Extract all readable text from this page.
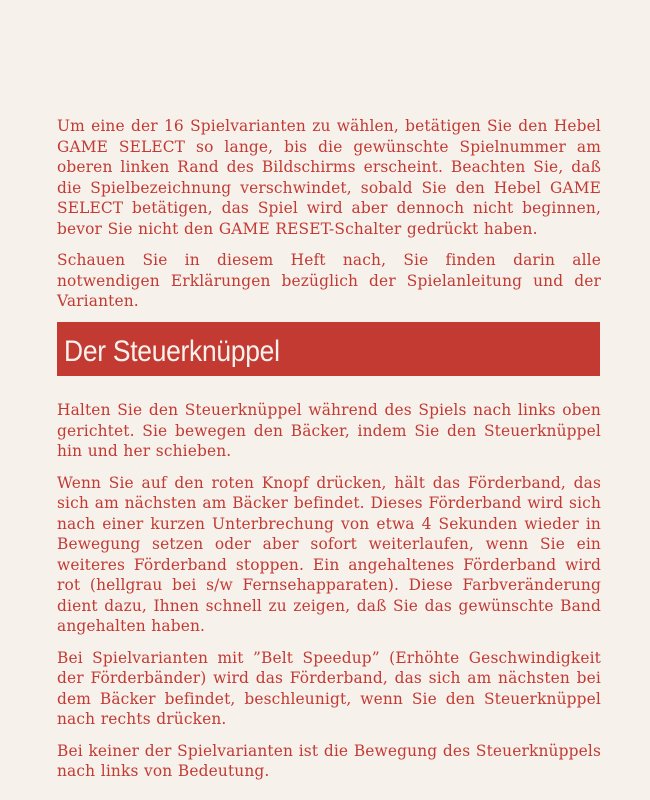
Um eine der 16 Spielvarianten zu wählen, betätigen Sie den Hebel GAME SELECT so lange, bis die gewünschte Spielnummer am oberen linken Rand des Bildschirms erscheint. Beachten Sie, daß die Spielbezeichnung verschwindet, sobald Sie den Hebel GAME SELECT betätigen, das Spiel wird aber dennoch nicht beginnen, bevor Sie nicht den GAME RESET-Schalter gedrückt haben.

Schauen Sie in diesem Heft nach, Sie finden darin alle notwendigen Erklärungen bezüglich der Spielanleitung und der Varianten.

Der Steuerknüppel

Halten Sie den Steuerknüppel während des Spiels nach links oben gerichtet. Sie bewegen den Bäcker, indem Sie den Steuerknüppel hin und her schieben.

Wenn Sie auf den roten Knopf drücken, hält das Förderband, das sich am nächsten am Bäcker befindet. Dieses Förderband wird sich nach einer kurzen Unterbrechung von etwa 4 Sekunden wieder in Bewegung setzen oder aber sofort weiterlaufen, wenn Sie ein weiteres Förderband stoppen. Ein angehaltenes Förderband wird rot (hellgrau bei s/w Fernsehapparaten). Diese Farbveränderung dient dazu, Ihnen schnell zu zeigen, daß Sie das gewünschte Band angehalten haben.

Bei Spielvarianten mit ”Belt Speedup” (Erhöhte Geschwindigkeit der Förderbänder) wird das Förderband, das sich am nächsten bei dem Bäcker befindet, beschleunigt, wenn Sie den Steuerknüppel nach rechts drücken.

Bei keiner der Spielvarianten ist die Bewegung des Steuerknüppels nach links von Bedeutung.
